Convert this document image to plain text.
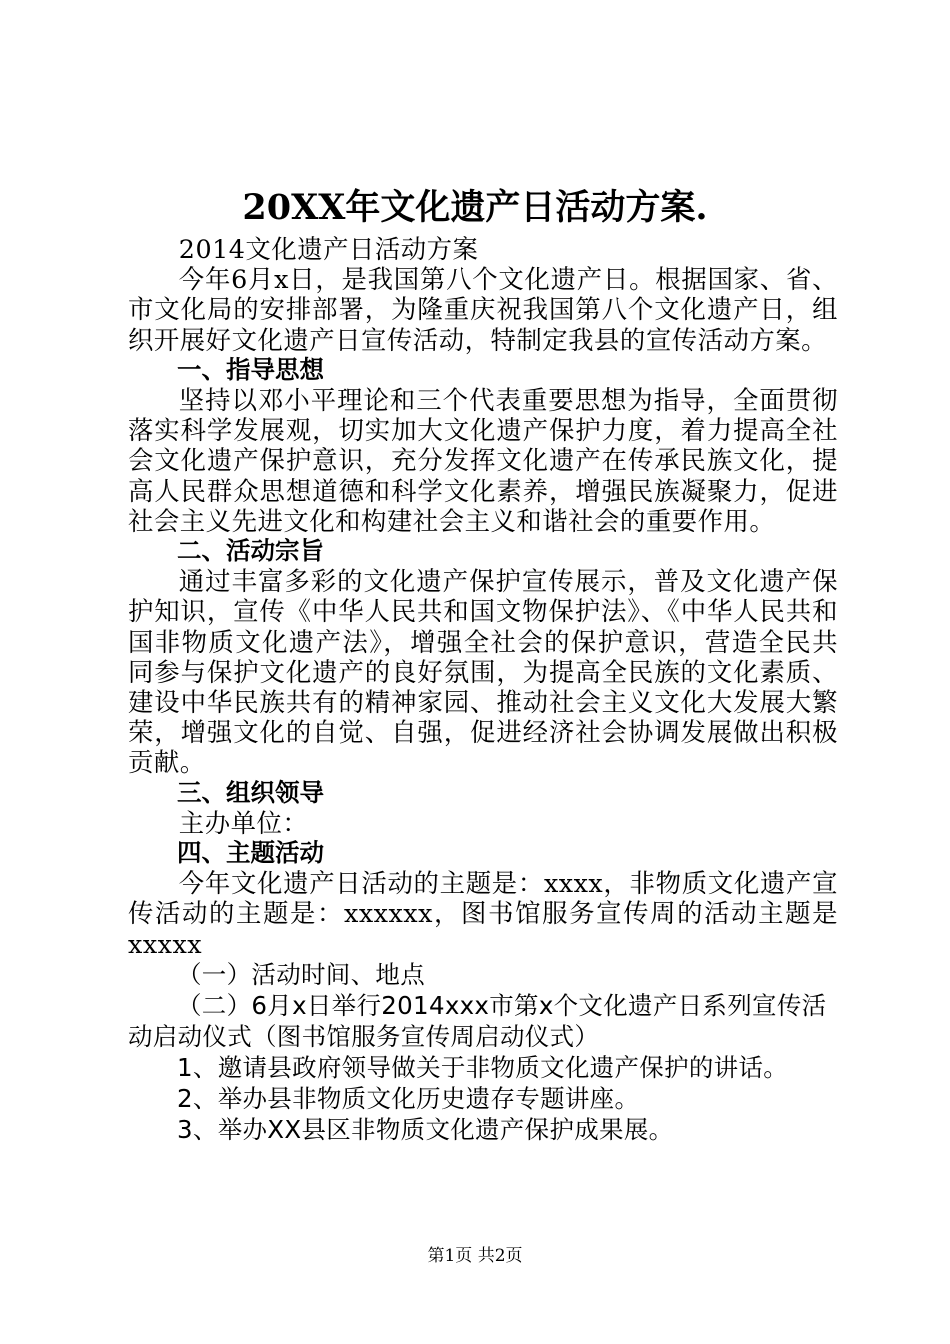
20XX年文化遗产日活动方案.

2014文化遗产日活动方案

今年6月x日，是我国第八个文化遗产日。根据国家、省、市文化局的安排部署，为隆重庆祝我国第八个文化遗产日，组织开展好文化遗产日宣传活动，特制定我县的宣传活动方案。

一、指导思想

坚持以邓小平理论和三个代表重要思想为指导，全面贯彻落实科学发展观，切实加大文化遗产保护力度，着力提高全社会文化遗产保护意识，充分发挥文化遗产在传承民族文化，提高人民群众思想道德和科学文化素养，增强民族凝聚力，促进社会主义先进文化和构建社会主义和谐社会的重要作用。

二、活动宗旨

通过丰富多彩的文化遗产保护宣传展示，普及文化遗产保护知识，宣传《中华人民共和国文物保护法》、《中华人民共和国非物质文化遗产法》，增强全社会的保护意识，营造全民共同参与保护文化遗产的良好氛围，为提高全民族的文化素质、建设中华民族共有的精神家园、推动社会主义文化大发展大繁荣，增强文化的自觉、自强，促进经济社会协调发展做出积极贡献。

三、组织领导

主办单位：

四、主题活动

今年文化遗产日活动的主题是：xxxx，非物质文化遗产宣传活动的主题是：xxxxxx，图书馆服务宣传周的活动主题是xxxxx

（一）活动时间、地点

（二）6月x日举行2014xxx市第x个文化遗产日系列宣传活动启动仪式（图书馆服务宣传周启动仪式）

1、邀请县政府领导做关于非物质文化遗产保护的讲话。

2、举办县非物质文化历史遗存专题讲座。

3、举办XX县区非物质文化遗产保护成果展。

第1页 共2页
